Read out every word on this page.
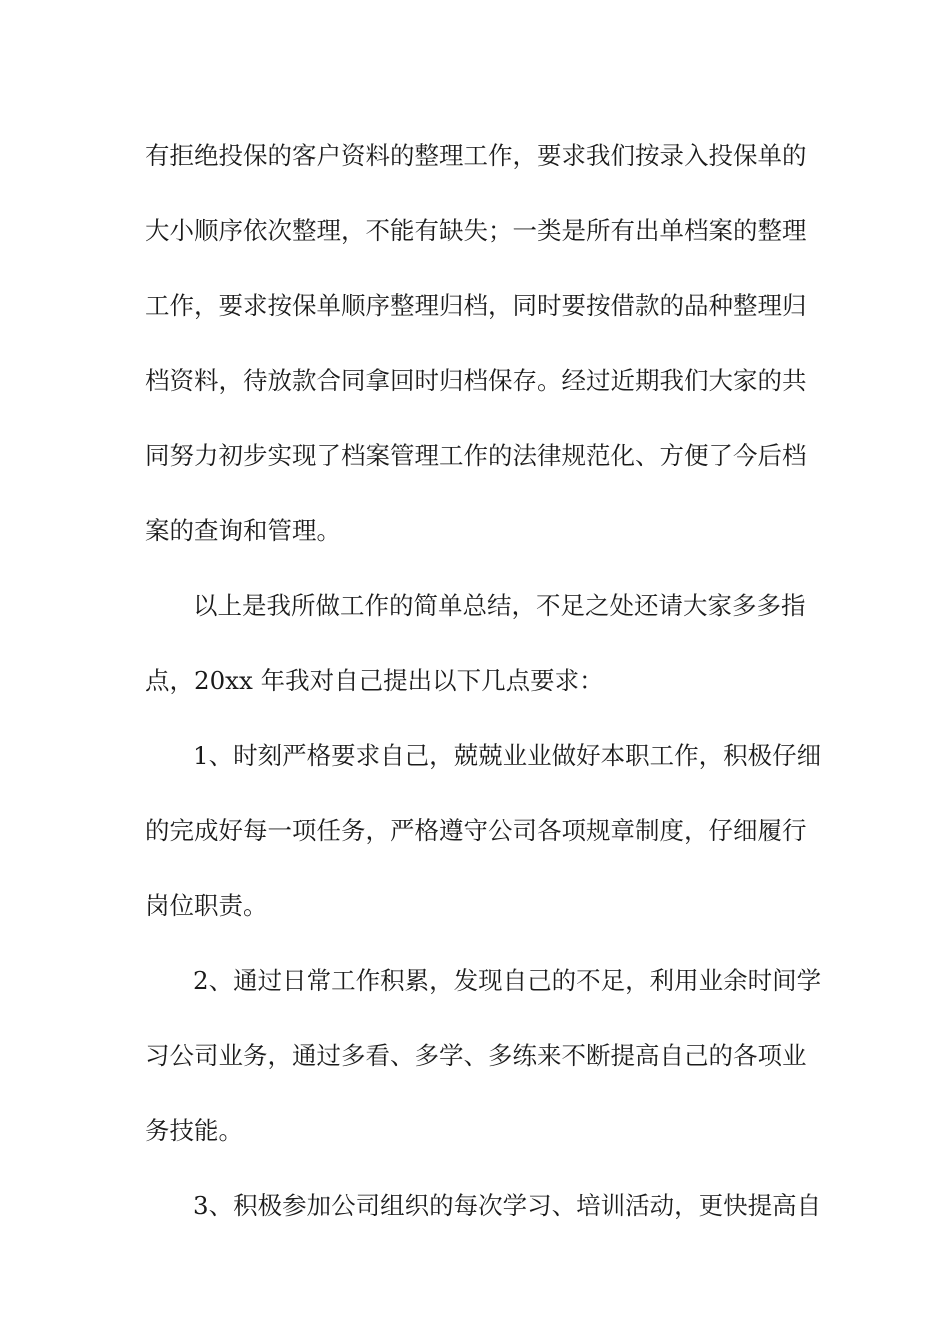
有拒绝投保的客户资料的整理工作，要求我们按录入投保单的
大小顺序依次整理，不能有缺失；一类是所有出单档案的整理
工作，要求按保单顺序整理归档，同时要按借款的品种整理归
档资料，待放款合同拿回时归档保存。经过近期我们大家的共
同努力初步实现了档案管理工作的法律规范化、方便了今后档
案的查询和管理。
以上是我所做工作的简单总结，不足之处还请大家多多指
点，20xx 年我对自己提出以下几点要求：
1、时刻严格要求自己，兢兢业业做好本职工作，积极仔细
的完成好每一项任务，严格遵守公司各项规章制度，仔细履行
岗位职责。
2、通过日常工作积累，发现自己的不足，利用业余时间学
习公司业务，通过多看、多学、多练来不断提高自己的各项业
务技能。
3、积极参加公司组织的每次学习、培训活动，更快提高自
